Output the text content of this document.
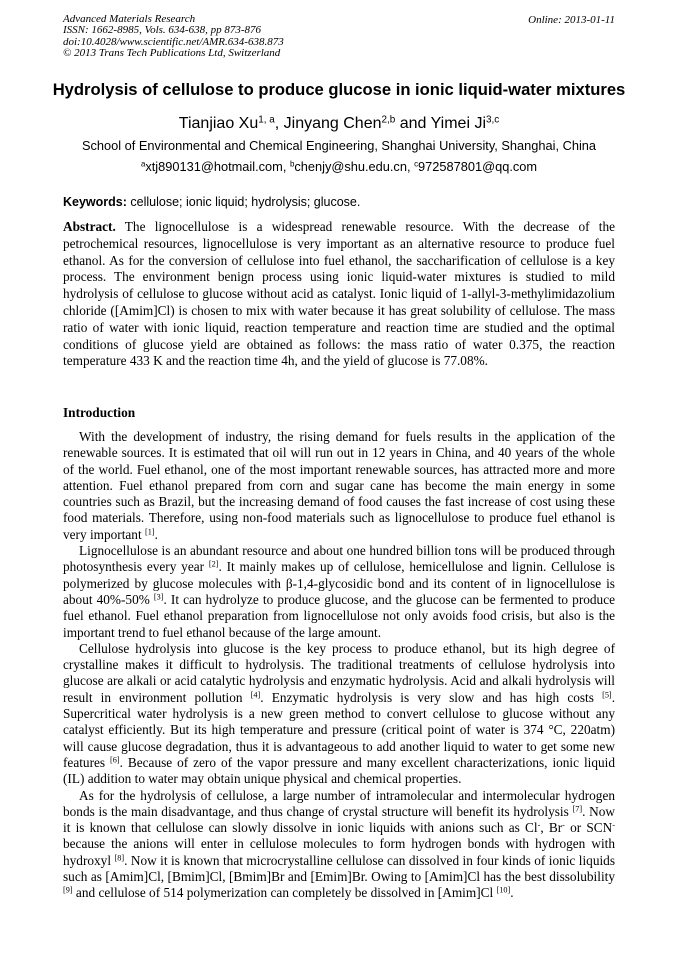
Advanced Materials Research
ISSN: 1662-8985, Vols. 634-638, pp 873-876
doi:10.4028/www.scientific.net/AMR.634-638.873
© 2013 Trans Tech Publications Ltd, Switzerland
Online: 2013-01-11
Hydrolysis of cellulose to produce glucose in ionic liquid-water mixtures
Tianjiao Xu$^{1, a}$, Jinyang Chen$^{2,b}$ and Yimei Ji$^{3,c}$
School of Environmental and Chemical Engineering, Shanghai University, Shanghai, China
$^a$xtj890131@hotmail.com, $^b$chenjy@shu.edu.cn, $^c$972587801@qq.com
Keywords: cellulose; ionic liquid; hydrolysis; glucose.
Abstract. The lignocellulose is a widespread renewable resource. With the decrease of the petrochemical resources, lignocellulose is very important as an alternative resource to produce fuel ethanol. As for the conversion of cellulose into fuel ethanol, the saccharification of cellulose is a key process. The environment benign process using ionic liquid-water mixtures is studied to mild hydrolysis of cellulose to glucose without acid as catalyst. Ionic liquid of 1-allyl-3-methylimidazolium chloride ([Amim]Cl) is chosen to mix with water because it has great solubility of cellulose. The mass ratio of water with ionic liquid, reaction temperature and reaction time are studied and the optimal conditions of glucose yield are obtained as follows: the mass ratio of water 0.375, the reaction temperature 433 K and the reaction time 4h, and the yield of glucose is 77.08%.
Introduction

With the development of industry, the rising demand for fuels results in the application of the renewable sources. It is estimated that oil will run out in 12 years in China, and 40 years of the whole of the world. Fuel ethanol, one of the most important renewable sources, has attracted more and more attention. Fuel ethanol prepared from corn and sugar cane has become the main energy in some countries such as Brazil, but the increasing demand of food causes the fast increase of cost using these food materials. Therefore, using non-food materials such as lignocellulose to produce fuel ethanol is very important [1].

Lignocellulose is an abundant resource and about one hundred billion tons will be produced through photosynthesis every year [2]. It mainly makes up of cellulose, hemicellulose and lignin. Cellulose is polymerized by glucose molecules with β-1,4-glycosidic bond and its content of in lignocellulose is about 40%-50% [3]. It can hydrolyze to produce glucose, and the glucose can be fermented to produce fuel ethanol. Fuel ethanol preparation from lignocellulose not only avoids food crisis, but also is the important trend to fuel ethanol because of the large amount.

Cellulose hydrolysis into glucose is the key process to produce ethanol, but its high degree of crystalline makes it difficult to hydrolysis. The traditional treatments of cellulose hydrolysis into glucose are alkali or acid catalytic hydrolysis and enzymatic hydrolysis. Acid and alkali hydrolysis will result in environment pollution [4]. Enzymatic hydrolysis is very slow and has high costs [5]. Supercritical water hydrolysis is a new green method to convert cellulose to glucose without any catalyst efficiently. But its high temperature and pressure (critical point of water is 374 °C, 220atm) will cause glucose degradation, thus it is advantageous to add another liquid to water to get some new features [6]. Because of zero of the vapor pressure and many excellent characterizations, ionic liquid (IL) addition to water may obtain unique physical and chemical properties.

As for the hydrolysis of cellulose, a large number of intramolecular and intermolecular hydrogen bonds is the main disadvantage, and thus change of crystal structure will benefit its hydrolysis [7]. Now it is known that cellulose can slowly dissolve in ionic liquids with anions such as Cl-, Br- or SCN- because the anions will enter in cellulose molecules to form hydrogen bonds with hydrogen with hydroxyl [8]. Now it is known that microcrystalline cellulose can dissolved in four kinds of ionic liquids such as [Amim]Cl, [Bmim]Cl, [Bmim]Br and [Emim]Br. Owing to [Amim]Cl has the best dissolubility [9] and cellulose of 514 polymerization can completely be dissolved in [Amim]Cl [10].
